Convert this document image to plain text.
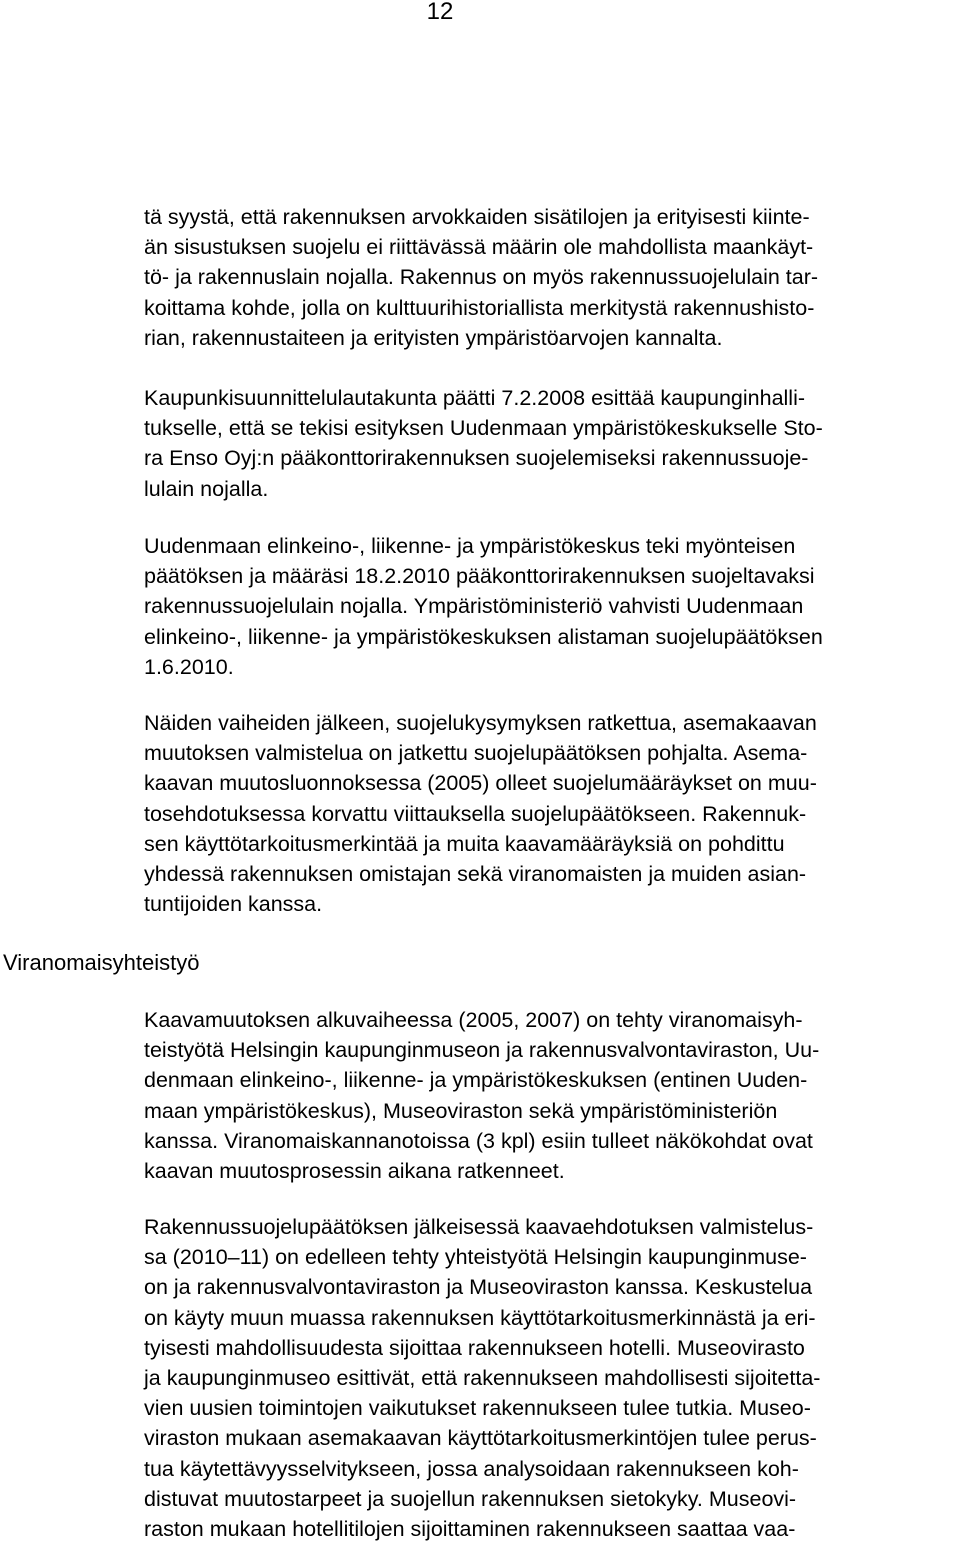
12
Viranomaisyhteistyö

tä syystä, että rakennuksen arvokkaiden sisätilojen ja erityisesti kiinte-
än sisustuksen suojelu ei riittävässä määrin ole mahdollista maankäyt-
tö- ja rakennuslain nojalla. Rakennus on myös rakennussuojelulain tar-
koittama kohde, jolla on kulttuurihistoriallista merkitystä rakennushisto-
rian, rakennustaiteen ja erityisten ympäristöarvojen kannalta.

Kaupunkisuunnittelulautakunta päätti 7.2.2008 esittää kaupunginhalli-
tukselle, että se tekisi esityksen Uudenmaan ympäristökeskukselle Sto-
ra Enso Oyj:n pääkonttorirakennuksen suojelemiseksi rakennussuoje-
lulain nojalla.

Uudenmaan elinkeino-, liikenne- ja ympäristökeskus teki myönteisen
päätöksen ja määräsi 18.2.2010 pääkonttorirakennuksen suojeltavaksi
rakennussuojelulain nojalla. Ympäristöministeriö vahvisti Uudenmaan
elinkeino-, liikenne- ja ympäristökeskuksen alistaman suojelupäätöksen
1.6.2010.

Näiden vaiheiden jälkeen, suojelukysymyksen ratkettua, asemakaavan
muutoksen valmistelua on jatkettu suojelupäätöksen pohjalta. Asema-
kaavan muutosluonnoksessa (2005) olleet suojelumääräykset on muu-
tosehdotuksessa korvattu viittauksella suojelupäätökseen. Rakennuk-
sen käyttötarkoitusmerkintää ja muita kaavamääräyksiä on pohdittu
yhdessä rakennuksen omistajan sekä viranomaisten ja muiden asian-
tuntijoiden kanssa.

Kaavamuutoksen alkuvaiheessa (2005, 2007) on tehty viranomaisyh-
teistyötä Helsingin kaupunginmuseon ja rakennusvalvontaviraston, Uu-
denmaan elinkeino-, liikenne- ja ympäristökeskuksen (entinen Uuden-
maan ympäristökeskus), Museoviraston sekä ympäristöministeriön
kanssa. Viranomaiskannanotoissa (3 kpl) esiin tulleet näkökohdat ovat
kaavan muutosprosessin aikana ratkenneet.

Rakennussuojelupäätöksen jälkeisessä kaavaehdotuksen valmistelus-
sa (2010–11) on edelleen tehty yhteistyötä Helsingin kaupunginmuse-
on ja rakennusvalvontaviraston ja Museoviraston kanssa. Keskustelua
on käyty muun muassa rakennuksen käyttötarkoitusmerkinnästä ja eri-
tyisesti mahdollisuudesta sijoittaa rakennukseen hotelli. Museovirasto
ja kaupunginmuseo esittivät, että rakennukseen mahdollisesti sijoitetta-
vien uusien toimintojen vaikutukset rakennukseen tulee tutkia. Museo-
viraston mukaan asemakaavan käyttötarkoitusmerkintöjen tulee perus-
tua käytettävyysselvitykseen, jossa analysoidaan rakennukseen koh-
distuvat muutostarpeet ja suojellun rakennuksen sietokyky. Museovi-
raston mukaan hotellitilojen sijoittaminen rakennukseen saattaa vaa-
